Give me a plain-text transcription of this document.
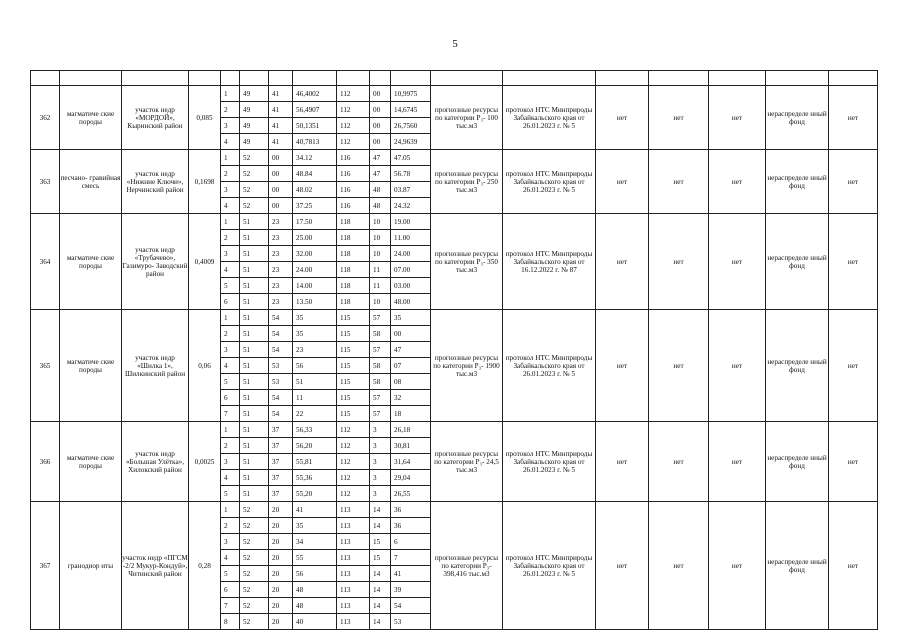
5

362	магматиче ские породы	участок недр «МОРДОЙ», Кыринский район	0,085	1	49	41	46,4002	112	00	10,9975	прогнозные ресурсы по категории P₃- 100 тыс.м3	протокол НТС Минприроды Забайкальского края от 26.01.2023 г. № 5	нет	нет	нет	нераспределе нный фонд	нет
				2	49	41	56,4907	112	00	14,6745							
				3	49	41	50,1351	112	00	26,7560							
				4	49	41	40,7813	112	00	24,9639							
363	песчано- гравийная смесь	участок недр «Нижние Ключи», Нерчинский район	0,1698	1	52	00	34.12	116	47	47.05	прогнозные ресурсы по категории P₃- 250 тыс.м3	протокол НТС Минприроды Забайкальского края от 26.01.2023 г. № 5	нет	нет	нет	нераспределе нный фонд	нет
				2	52	00	48.84	116	47	56.78							
				3	52	00	48.02	116	48	03.87							
				4	52	00	37.25	116	48	24.32							
364	магматиче ские породы	участок недр «Трубачево», Газимуро- Заводский район	0,4009	1	51	23	17.50	118	10	19.00	прогнозные ресурсы по категории P₃- 350 тыс.м3	протокол НТС Минприроды Забайкальского края от 16.12.2022 г. № 87	нет	нет	нет	нераспределе нный фонд	нет
				2	51	23	25.00	118	10	11.00							
				3	51	23	32.00	118	10	24.00							
				4	51	23	24.00	118	11	07.00							
				5	51	23	14.00	118	11	03.00							
				6	51	23	13.50	118	10	48.00							
365	магматиче ские породы	участок недр «Шилка 1», Шилкинский район	0,06	1	51	54	35	115	57	35	прогнозные ресурсы по категории P₃- 1900 тыс.м3	протокол НТС Минприроды Забайкальского края от 26.01.2023 г. № 5	нет	нет	нет	нераспределе нный фонд	нет
				2	51	54	35	115	58	00							
				3	51	54	23	115	57	47							
				4	51	53	56	115	58	07							
				5	51	53	51	115	58	08							
				6	51	54	11	115	57	32							
				7	51	54	22	115	57	18							
366	магматиче ские породы	участок недр «Большая Улётка», Хилокский район	0,0025	1	51	37	56,33	112	3	26,18	прогнозные ресурсы по категории P₃- 24,5 тыс.м3	протокол НТС Минприроды Забайкальского края от 26.01.2023 г. № 5	нет	нет	нет	нераспределе нный фонд	нет
				2	51	37	56,20	112	3	30,81							
				3	51	37	55,81	112	3	31,64							
				4	51	37	55,36	112	3	29,04							
				5	51	37	55,20	112	3	26,55							
367	гранодиор иты	участок недр «ПГСМ -2/2 Мукур-Кондуй», Читинский район	0,28	1	52	20	41	113	14	36	прогнозные ресурсы по категории P₃- 398,416 тыс.м3	протокол НТС Минприроды Забайкальского края от 26.01.2023 г. № 5	нет	нет	нет	нераспределе нный фонд	нет
				2	52	20	35	113	14	36							
				3	52	20	34	113	15	6							
				4	52	20	55	113	15	7							
				5	52	20	56	113	14	41							
				6	52	20	48	113	14	39							
				7	52	20	48	113	14	54							
				8	52	20	40	113	14	53							
